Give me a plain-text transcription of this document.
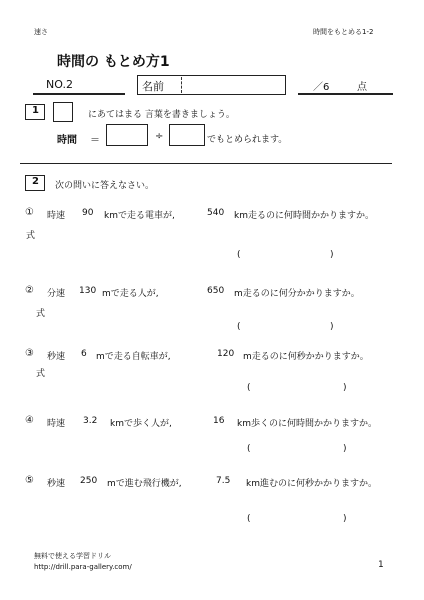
速さ	時間をもとめる1-2
時間の もとめ方1
NO.2	名前	／6	点
1	にあてはまる 言葉を書きましょう。
時間 ＝	÷	でもとめられます。
2 次の問いに答えなさい。
① 時速 90 kmで走る電車が,	540 km走るのに何時間かかりますか。
式
(	)
② 分速 130 mで走る人が,	650 m走るのに何分かかりますか。
式
(	)
③ 秒速 6 mで走る自転車が,	120 m走るのに何秒かかりますか。
式
(	)
④ 時速 3.2 kmで歩く人が,	16 km歩くのに何時間かかりますか。
(	)
⑤ 秒速 250 mで進む飛行機が,	7.5 km進むのに何秒かかりますか。
(	)
無料で使える学習ドリル
http://drill.para-gallery.com/	1
